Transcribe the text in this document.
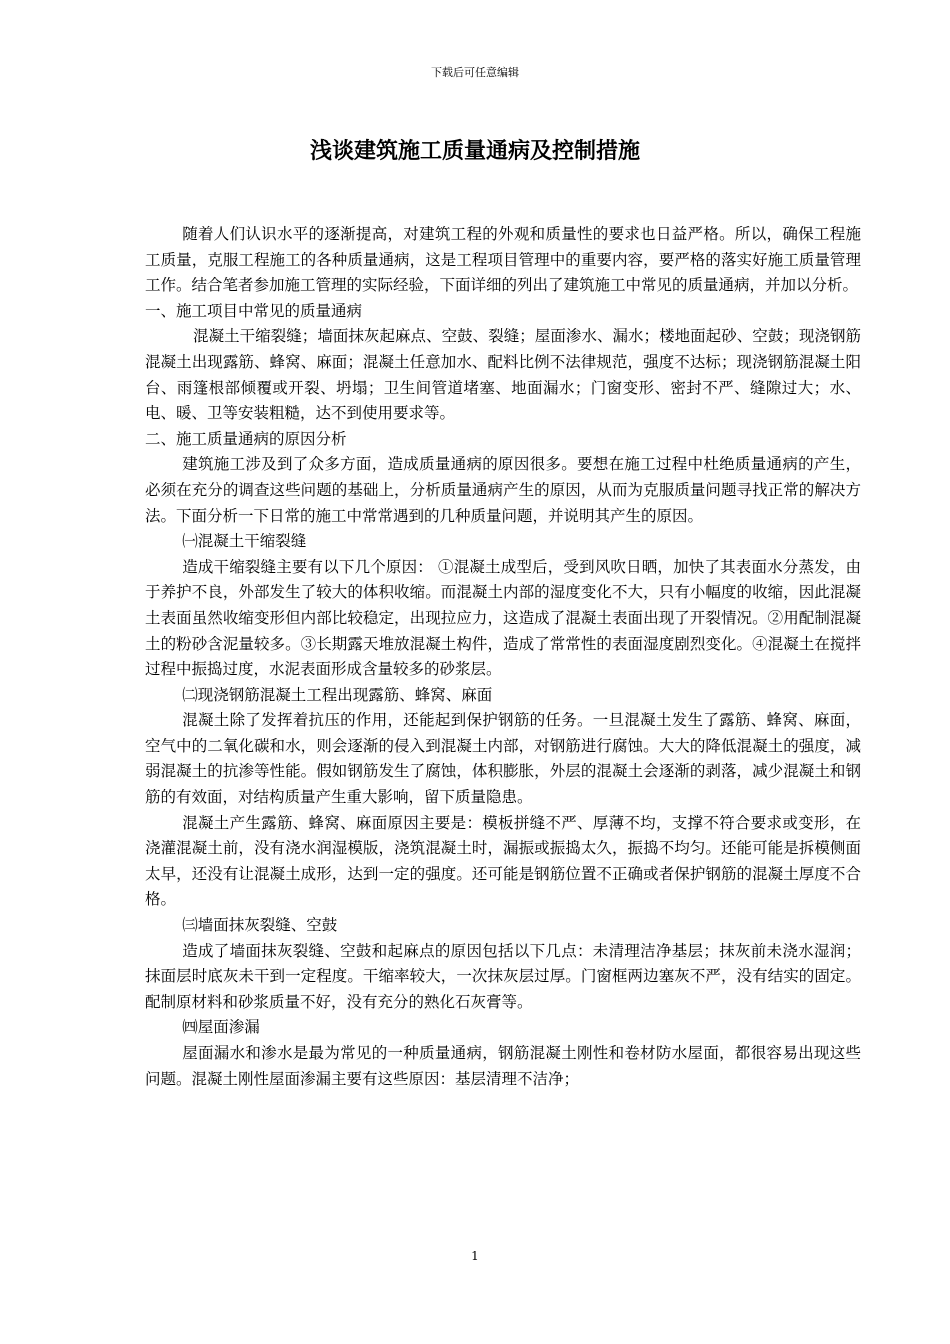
下载后可任意编辑
浅谈建筑施工质量通病及控制措施

随着人们认识水平的逐渐提高，对建筑工程的外观和质量性的要求也日益严格。所以，确保工程施工质量，克服工程施工的各种质量通病，这是工程项目管理中的重要内容，要严格的落实好施工质量管理工作。结合笔者参加施工管理的实际经验，下面详细的列出了建筑施工中常见的质量通病，并加以分析。

一、施工项目中常见的质量通病

混凝土干缩裂缝；墙面抹灰起麻点、空鼓、裂缝；屋面渗水、漏水；楼地面起砂、空鼓；现浇钢筋混凝土出现露筋、蜂窝、麻面；混凝土任意加水、配料比例不法律规范，强度不达标；现浇钢筋混凝土阳台、雨篷根部倾覆或开裂、坍塌；卫生间管道堵塞、地面漏水；门窗变形、密封不严、缝隙过大；水、电、暖、卫等安装粗糙，达不到使用要求等。

二、施工质量通病的原因分析

建筑施工涉及到了众多方面，造成质量通病的原因很多。要想在施工过程中杜绝质量通病的产生，必须在充分的调查这些问题的基础上，分析质量通病产生的原因，从而为克服质量问题寻找正常的解决方法。下面分析一下日常的施工中常常遇到的几种质量问题，并说明其产生的原因。

㈠混凝土干缩裂缝

造成干缩裂缝主要有以下几个原因： ①混凝土成型后，受到风吹日晒，加快了其表面水分蒸发，由于养护不良，外部发生了较大的体积收缩。而混凝土内部的湿度变化不大，只有小幅度的收缩，因此混凝土表面虽然收缩变形但内部比较稳定，出现拉应力，这造成了混凝土表面出现了开裂情况。②用配制混凝土的粉砂含泥量较多。③长期露天堆放混凝土构件，造成了常常性的表面湿度剧烈变化。④混凝土在搅拌过程中振捣过度，水泥表面形成含量较多的砂浆层。

㈡现浇钢筋混凝土工程出现露筋、蜂窝、麻面

混凝土除了发挥着抗压的作用，还能起到保护钢筋的任务。一旦混凝土发生了露筋、蜂窝、麻面，空气中的二氧化碳和水，则会逐渐的侵入到混凝土内部，对钢筋进行腐蚀。大大的降低混凝土的强度，减弱混凝土的抗渗等性能。假如钢筋发生了腐蚀，体积膨胀，外层的混凝土会逐渐的剥落，减少混凝土和钢筋的有效面，对结构质量产生重大影响，留下质量隐患。

混凝土产生露筋、蜂窝、麻面原因主要是：模板拼缝不严、厚薄不均，支撑不符合要求或变形，在浇灌混凝土前，没有浇水润湿模版，浇筑混凝土时，漏振或振捣太久，振捣不均匀。还能可能是拆模侧面太早，还没有让混凝土成形，达到一定的强度。还可能是钢筋位置不正确或者保护钢筋的混凝土厚度不合格。

㈢墙面抹灰裂缝、空鼓

造成了墙面抹灰裂缝、空鼓和起麻点的原因包括以下几点：未清理洁净基层；抹灰前未浇水湿润；抹面层时底灰未干到一定程度。干缩率较大，一次抹灰层过厚。门窗框两边塞灰不严，没有结实的固定。配制原材料和砂浆质量不好，没有充分的熟化石灰膏等。

㈣屋面渗漏

屋面漏水和渗水是最为常见的一种质量通病，钢筋混凝土刚性和卷材防水屋面，都很容易出现这些问题。混凝土刚性屋面渗漏主要有这些原因：基层清理不洁净；

1
